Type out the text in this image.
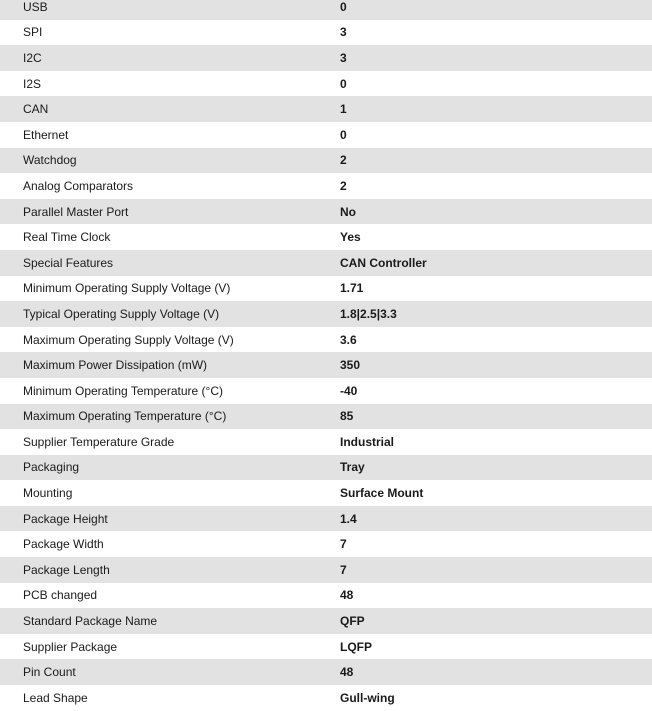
USB	0
SPI	3
I2C	3
I2S	0
CAN	1
Ethernet	0
Watchdog	2
Analog Comparators	2
Parallel Master Port	No
Real Time Clock	Yes
Special Features	CAN Controller
Minimum Operating Supply Voltage (V)	1.71
Typical Operating Supply Voltage (V)	1.8|2.5|3.3
Maximum Operating Supply Voltage (V)	3.6
Maximum Power Dissipation (mW)	350
Minimum Operating Temperature (°C)	-40
Maximum Operating Temperature (°C)	85
Supplier Temperature Grade	Industrial
Packaging	Tray
Mounting	Surface Mount
Package Height	1.4
Package Width	7
Package Length	7
PCB changed	48
Standard Package Name	QFP
Supplier Package	LQFP
Pin Count	48
Lead Shape	Gull-wing
